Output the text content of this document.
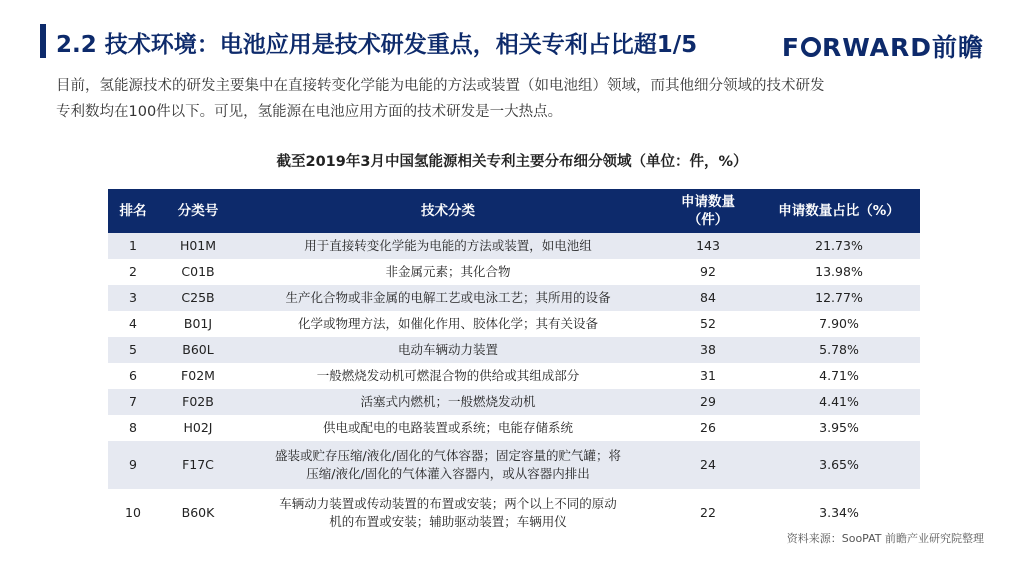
2.2 技术环境：电池应用是技术研发重点，相关专利占比超1/5	F RWARD前瞻
目前，氢能源技术的研发主要集中在直接转变化学能为电能的方法或装置（如电池组）领域，而其他细分领域的技术研发
专利数均在100件以下。可见，氢能源在电池应用方面的技术研发是一大热点。
截至2019年3月中国氢能源相关专利主要分布细分领域（单位：件，%）
排名	分类号	技术分类	申请数量
（件）	申请数量占比（%）
1	H01M	用于直接转变化学能为电能的方法或装置，如电池组	143	21.73%
2	C01B	非金属元素；其化合物	92	13.98%
3	C25B	生产化合物或非金属的电解工艺或电泳工艺；其所用的设备	84	12.77%
4	B01J	化学或物理方法，如催化作用、胶体化学；其有关设备	52	7.90%
5	B60L	电动车辆动力装置	38	5.78%
6	F02M	一般燃烧发动机可燃混合物的供给或其组成部分	31	4.71%
7	F02B	活塞式内燃机；一般燃烧发动机	29	4.41%
8	H02J	供电或配电的电路装置或系统；电能存储系统	26	3.95%
9	F17C	盛装或贮存压缩/液化/固化的气体容器；固定容量的贮气罐；将
压缩/液化/固化的气体灌入容器内，或从容器内排出	24	3.65%
10	B60K	车辆动力装置或传动装置的布置或安装；两个以上不同的原动
机的布置或安装；辅助驱动装置；车辆用仪	22	3.34%
资料来源：SooPAT 前瞻产业研究院整理
